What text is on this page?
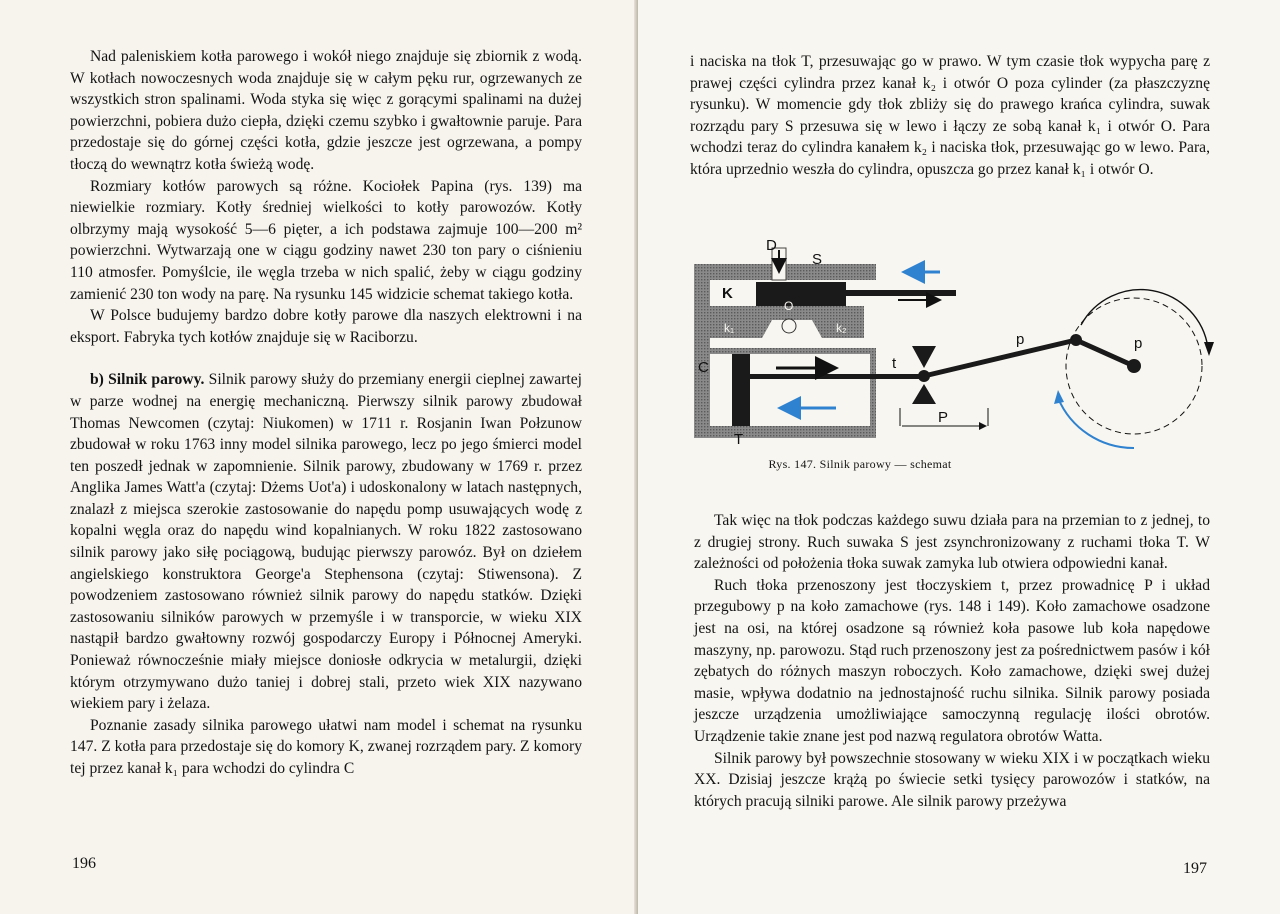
Nad paleniskiem kotła parowego i wokół niego znajduje się zbiornik z wodą. W kotłach nowoczesnych woda znajduje się w całym pęku rur, ogrzewanych ze wszystkich stron spalinami. Woda styka się więc z gorącymi spalinami na dużej powierzchni, pobiera dużo ciepła, dzięki czemu szybko i gwałtownie paruje. Para przedostaje się do górnej części kotła, gdzie jeszcze jest ogrzewana, a pompy tłoczą do wewnątrz kotła świeżą wodę.

Rozmiary kotłów parowych są różne. Kociołek Papina (rys. 139) ma niewielkie rozmiary. Kotły średniej wielkości to kotły parowozów. Kotły olbrzymy mają wysokość 5—6 pięter, a ich podstawa zajmuje 100—200 m² powierzchni. Wytwarzają one w ciągu godziny nawet 230 ton pary o ciśnieniu 110 atmosfer. Pomyślcie, ile węgla trzeba w nich spalić, żeby w ciągu godziny zamienić 230 ton wody na parę. Na rysunku 145 widzicie schemat takiego kotła.

W Polsce budujemy bardzo dobre kotły parowe dla naszych elektrowni i na eksport. Fabryka tych kotłów znajduje się w Raciborzu.

b) Silnik parowy. Silnik parowy służy do przemiany energii cieplnej zawartej w parze wodnej na energię mechaniczną. Pierwszy silnik parowy zbudował Thomas Newcomen (czytaj: Niukomen) w 1711 r. Rosjanin Iwan Połzunow zbudował w roku 1763 inny model silnika parowego, lecz po jego śmierci model ten poszedł jednak w zapomnienie. Silnik parowy, zbudowany w 1769 r. przez Anglika James Watt'a (czytaj: Dżems Uot'a) i udoskonalony w latach następnych, znalazł z miejsca szerokie zastosowanie do napędu pomp usuwających wodę z kopalni węgla oraz do napędu wind kopalnianych. W roku 1822 zastosowano silnik parowy jako siłę pociągową, budując pierwszy parowóz. Był on dziełem angielskiego konstruktora George'a Stephensona (czytaj: Stiwensona). Z powodzeniem zastosowano również silnik parowy do napędu statków. Dzięki zastosowaniu silników parowych w przemyśle i w transporcie, w wieku XIX nastąpił bardzo gwałtowny rozwój gospodarczy Europy i Północnej Ameryki. Ponieważ równocześnie miały miejsce doniosłe odkrycia w metalurgii, dzięki którym otrzymywano dużo taniej i dobrej stali, przeto wiek XIX nazywano wiekiem pary i żelaza.

Poznanie zasady silnika parowego ułatwi nam model i schemat na rysunku 147. Z kotła para przedostaje się do komory K, zwanej rozrządem pary. Z komory tej przez kanał k₁ para wchodzi do cylindra C

196

i naciska na tłok T, przesuwając go w prawo. W tym czasie tłok wypycha parę z prawej części cylindra przez kanał k₂ i otwór O poza cylinder (za płaszczyznę rysunku). W momencie gdy tłok zbliży się do prawego krańca cylindra, suwak rozrządu pary S przesuwa się w lewo i łączy ze sobą kanał k₁ i otwór O. Para wchodzi teraz do cylindra kanałem k₂ i naciska tłok, przesuwając go w lewo. Para, która uprzednio weszła do cylindra, opuszcza go przez kanał k₁ i otwór O.

Tak więc na tłok podczas każdego suwu działa para na przemian to z jednej, to z drugiej strony. Ruch suwaka S jest zsynchronizowany z ruchami tłoka T. W zależności od położenia tłoka suwak zamyka lub otwiera odpowiedni kanał.

Ruch tłoka przenoszony jest tłoczyskiem t, przez prowadnicę P i układ przegubowy p na koło zamachowe (rys. 148 i 149). Koło zamachowe osadzone jest na osi, na której osadzone są również koła pasowe lub koła napędowe maszyny, np. parowozu. Stąd ruch przenoszony jest za pośrednictwem pasów i kół zębatych do różnych maszyn roboczych. Koło zamachowe, dzięki swej dużej masie, wpływa dodatnio na jednostajność ruchu silnika. Silnik parowy posiada jeszcze urządzenia umożliwiające samoczynną regulację ilości obrotów. Urządzenie takie znane jest pod nazwą regulatora obrotów Watta.

Silnik parowy był powszechnie stosowany w wieku XIX i w początkach wieku XX. Dzisiaj jeszcze krążą po świecie setki tysięcy parowozów i statków, na których pracują silniki parowe. Ale silnik parowy przeżywa

197
D
S
K
O
k₁	k₂
C	t
T
P
p	p
Rys. 147. Silnik parowy — schemat
